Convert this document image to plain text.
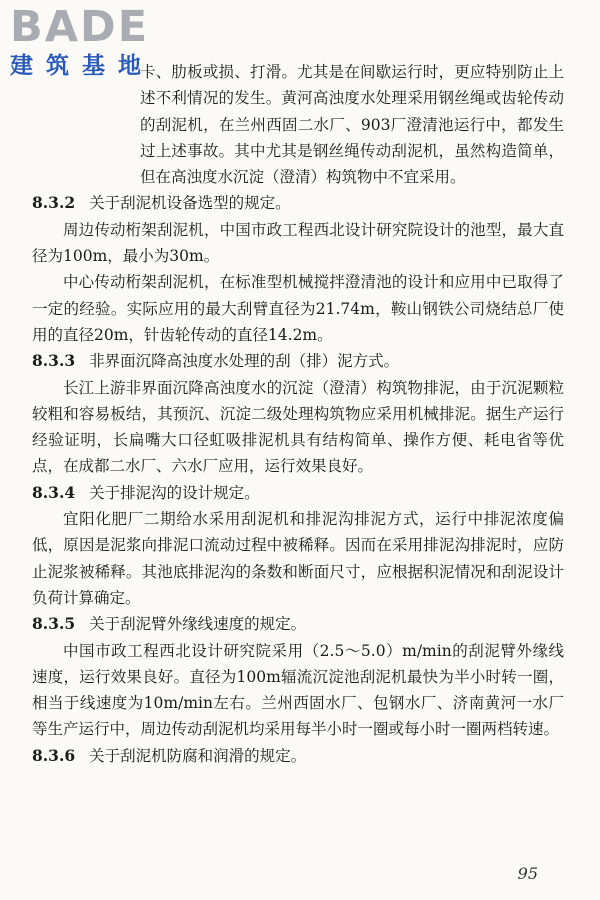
BADE
建筑基地

卡、肋板或损、打滑。尤其是在间歇运行时，更应特别防止上述不利情况的发生。黄河高浊度水处理采用钢丝绳或齿轮传动的刮泥机，在兰州西固二水厂、903厂澄清池运行中，都发生过上述事故。其中尤其是钢丝绳传动刮泥机，虽然构造简单，但在高浊度水沉淀（澄清）构筑物中不宜采用。

8.3.2 关于刮泥机设备选型的规定。

周边传动桁架刮泥机，中国市政工程西北设计研究院设计的池型，最大直径为100m，最小为30m。

中心传动桁架刮泥机，在标准型机械搅拌澄清池的设计和应用中已取得了一定的经验。实际应用的最大刮臂直径为21.74m，鞍山钢铁公司烧结总厂使用的直径20m，针齿轮传动的直径14.2m。

8.3.3 非界面沉降高浊度水处理的刮（排）泥方式。

长江上游非界面沉降高浊度水的沉淀（澄清）构筑物排泥，由于沉泥颗粒较粗和容易板结，其预沉、沉淀二级处理构筑物应采用机械排泥。据生产运行经验证明，长扁嘴大口径虹吸排泥机具有结构简单、操作方便、耗电省等优点，在成都二水厂、六水厂应用，运行效果良好。

8.3.4 关于排泥沟的设计规定。

宜阳化肥厂二期给水采用刮泥机和排泥沟排泥方式，运行中排泥浓度偏低，原因是泥浆向排泥口流动过程中被稀释。因而在采用排泥沟排泥时，应防止泥浆被稀释。其池底排泥沟的条数和断面尺寸，应根据积泥情况和刮泥设计负荷计算确定。

8.3.5 关于刮泥臂外缘线速度的规定。

中国市政工程西北设计研究院采用（2.5～5.0）m/min的刮泥臂外缘线速度，运行效果良好。直径为100m辐流沉淀池刮泥机最快为半小时转一圈，相当于线速度为10m/min左右。兰州西固水厂、包钢水厂、济南黄河一水厂等生产运行中，周边传动刮泥机均采用每半小时一圈或每小时一圈两档转速。

8.3.6 关于刮泥机防腐和润滑的规定。

95
